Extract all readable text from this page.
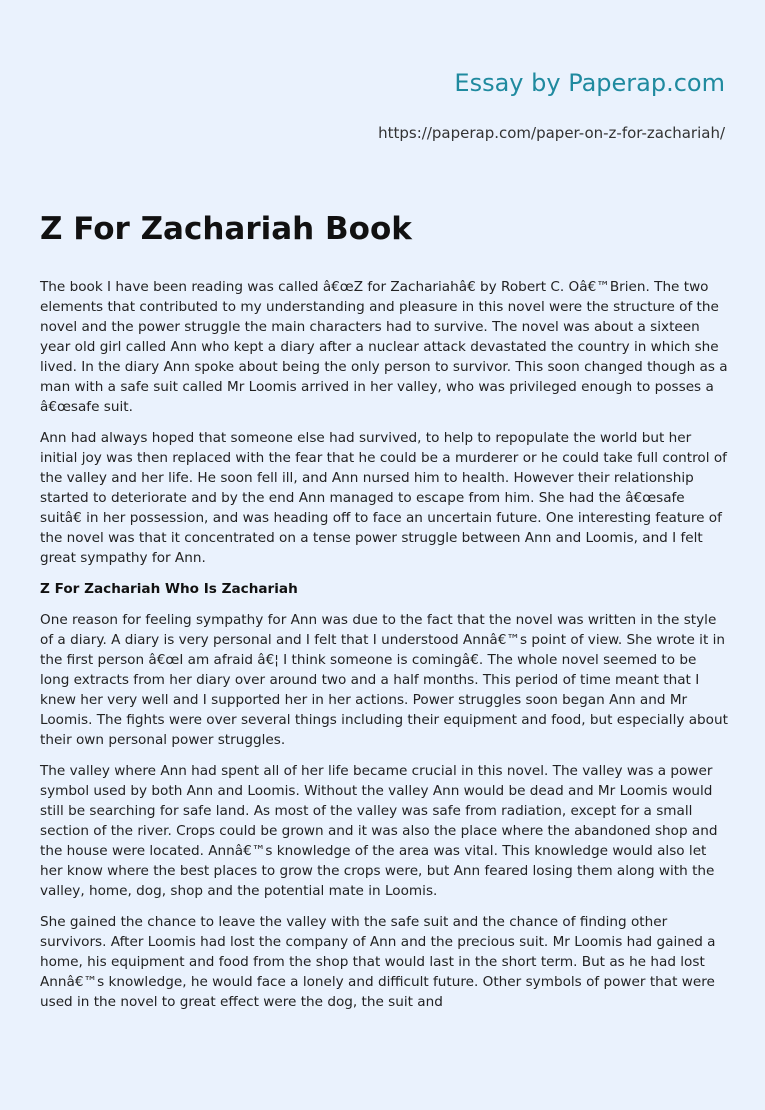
Essay by Paperap.com
https://paperap.com/paper-on-z-for-zachariah/
Z For Zachariah Book

The book I have been reading was called â€œZ for Zachariahâ€ by Robert C. Oâ€™Brien. The two elements that contributed to my understanding and pleasure in this novel were the structure of the novel and the power struggle the main characters had to survive. The novel was about a sixteen year old girl called Ann who kept a diary after a nuclear attack devastated the country in which she lived. In the diary Ann spoke about being the only person to survivor. This soon changed though as a man with a safe suit called Mr Loomis arrived in her valley, who was privileged enough to posses a â€œsafe suit.

Ann had always hoped that someone else had survived, to help to repopulate the world but her initial joy was then replaced with the fear that he could be a murderer or he could take full control of the valley and her life. He soon fell ill, and Ann nursed him to health. However their relationship started to deteriorate and by the end Ann managed to escape from him. She had the â€œsafe suitâ€ in her possession, and was heading off to face an uncertain future. One interesting feature of the novel was that it concentrated on a tense power struggle between Ann and Loomis, and I felt great sympathy for Ann.

Z For Zachariah Who Is Zachariah

One reason for feeling sympathy for Ann was due to the fact that the novel was written in the style of a diary. A diary is very personal and I felt that I understood Annâ€™s point of view. She wrote it in the first person â€œI am afraid â€¦ I think someone is comingâ€. The whole novel seemed to be long extracts from her diary over around two and a half months. This period of time meant that I knew her very well and I supported her in her actions. Power struggles soon began Ann and Mr Loomis. The fights were over several things including their equipment and food, but especially about their own personal power struggles.

The valley where Ann had spent all of her life became crucial in this novel. The valley was a power symbol used by both Ann and Loomis. Without the valley Ann would be dead and Mr Loomis would still be searching for safe land. As most of the valley was safe from radiation, except for a small section of the river. Crops could be grown and it was also the place where the abandoned shop and the house were located. Annâ€™s knowledge of the area was vital. This knowledge would also let her know where the best places to grow the crops were, but Ann feared losing them along with the valley, home, dog, shop and the potential mate in Loomis.

She gained the chance to leave the valley with the safe suit and the chance of finding other survivors. After Loomis had lost the company of Ann and the precious suit. Mr Loomis had gained a home, his equipment and food from the shop that would last in the short term. But as he had lost Annâ€™s knowledge, he would face a lonely and difficult future. Other symbols of power that were used in the novel to great effect were the dog, the suit and
